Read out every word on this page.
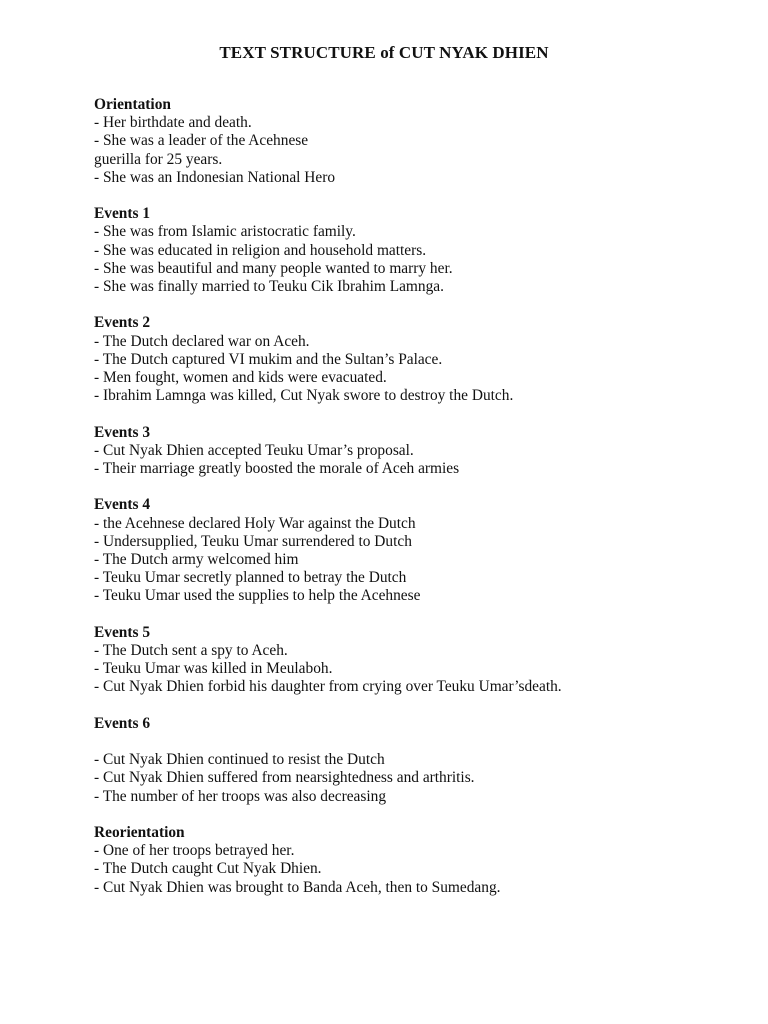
TEXT STRUCTURE of CUT NYAK DHIEN
Orientation
- Her birthdate and death.
- She was a leader of the Acehnese
guerilla for 25 years.
- She was an Indonesian National Hero
Events 1
- She was from Islamic aristocratic family.
- She was educated in religion and household matters.
- She was beautiful and many people wanted to marry her.
- She was finally married to Teuku Cik Ibrahim Lamnga.
Events 2
- The Dutch declared war on Aceh.
- The Dutch captured VI mukim and the Sultan’s Palace.
- Men fought, women and kids were evacuated.
- Ibrahim Lamnga was killed, Cut Nyak swore to destroy the Dutch.
Events 3
- Cut Nyak Dhien accepted Teuku Umar’s proposal.
- Their marriage greatly boosted the morale of Aceh armies
Events 4
- the Acehnese declared Holy War against the Dutch
- Undersupplied, Teuku Umar surrendered to Dutch
- The Dutch army welcomed him
- Teuku Umar secretly planned to betray the Dutch
- Teuku Umar used the supplies to help the Acehnese
Events 5
- The Dutch sent a spy to Aceh.
- Teuku Umar was killed in Meulaboh.
- Cut Nyak Dhien forbid his daughter from crying over Teuku Umar’sdeath.
Events 6
- Cut Nyak Dhien continued to resist the Dutch
- Cut Nyak Dhien suffered from nearsightedness and arthritis.
- The number of her troops was also decreasing
Reorientation
- One of her troops betrayed her.
- The Dutch caught Cut Nyak Dhien.
- Cut Nyak Dhien was brought to Banda Aceh, then to Sumedang.
